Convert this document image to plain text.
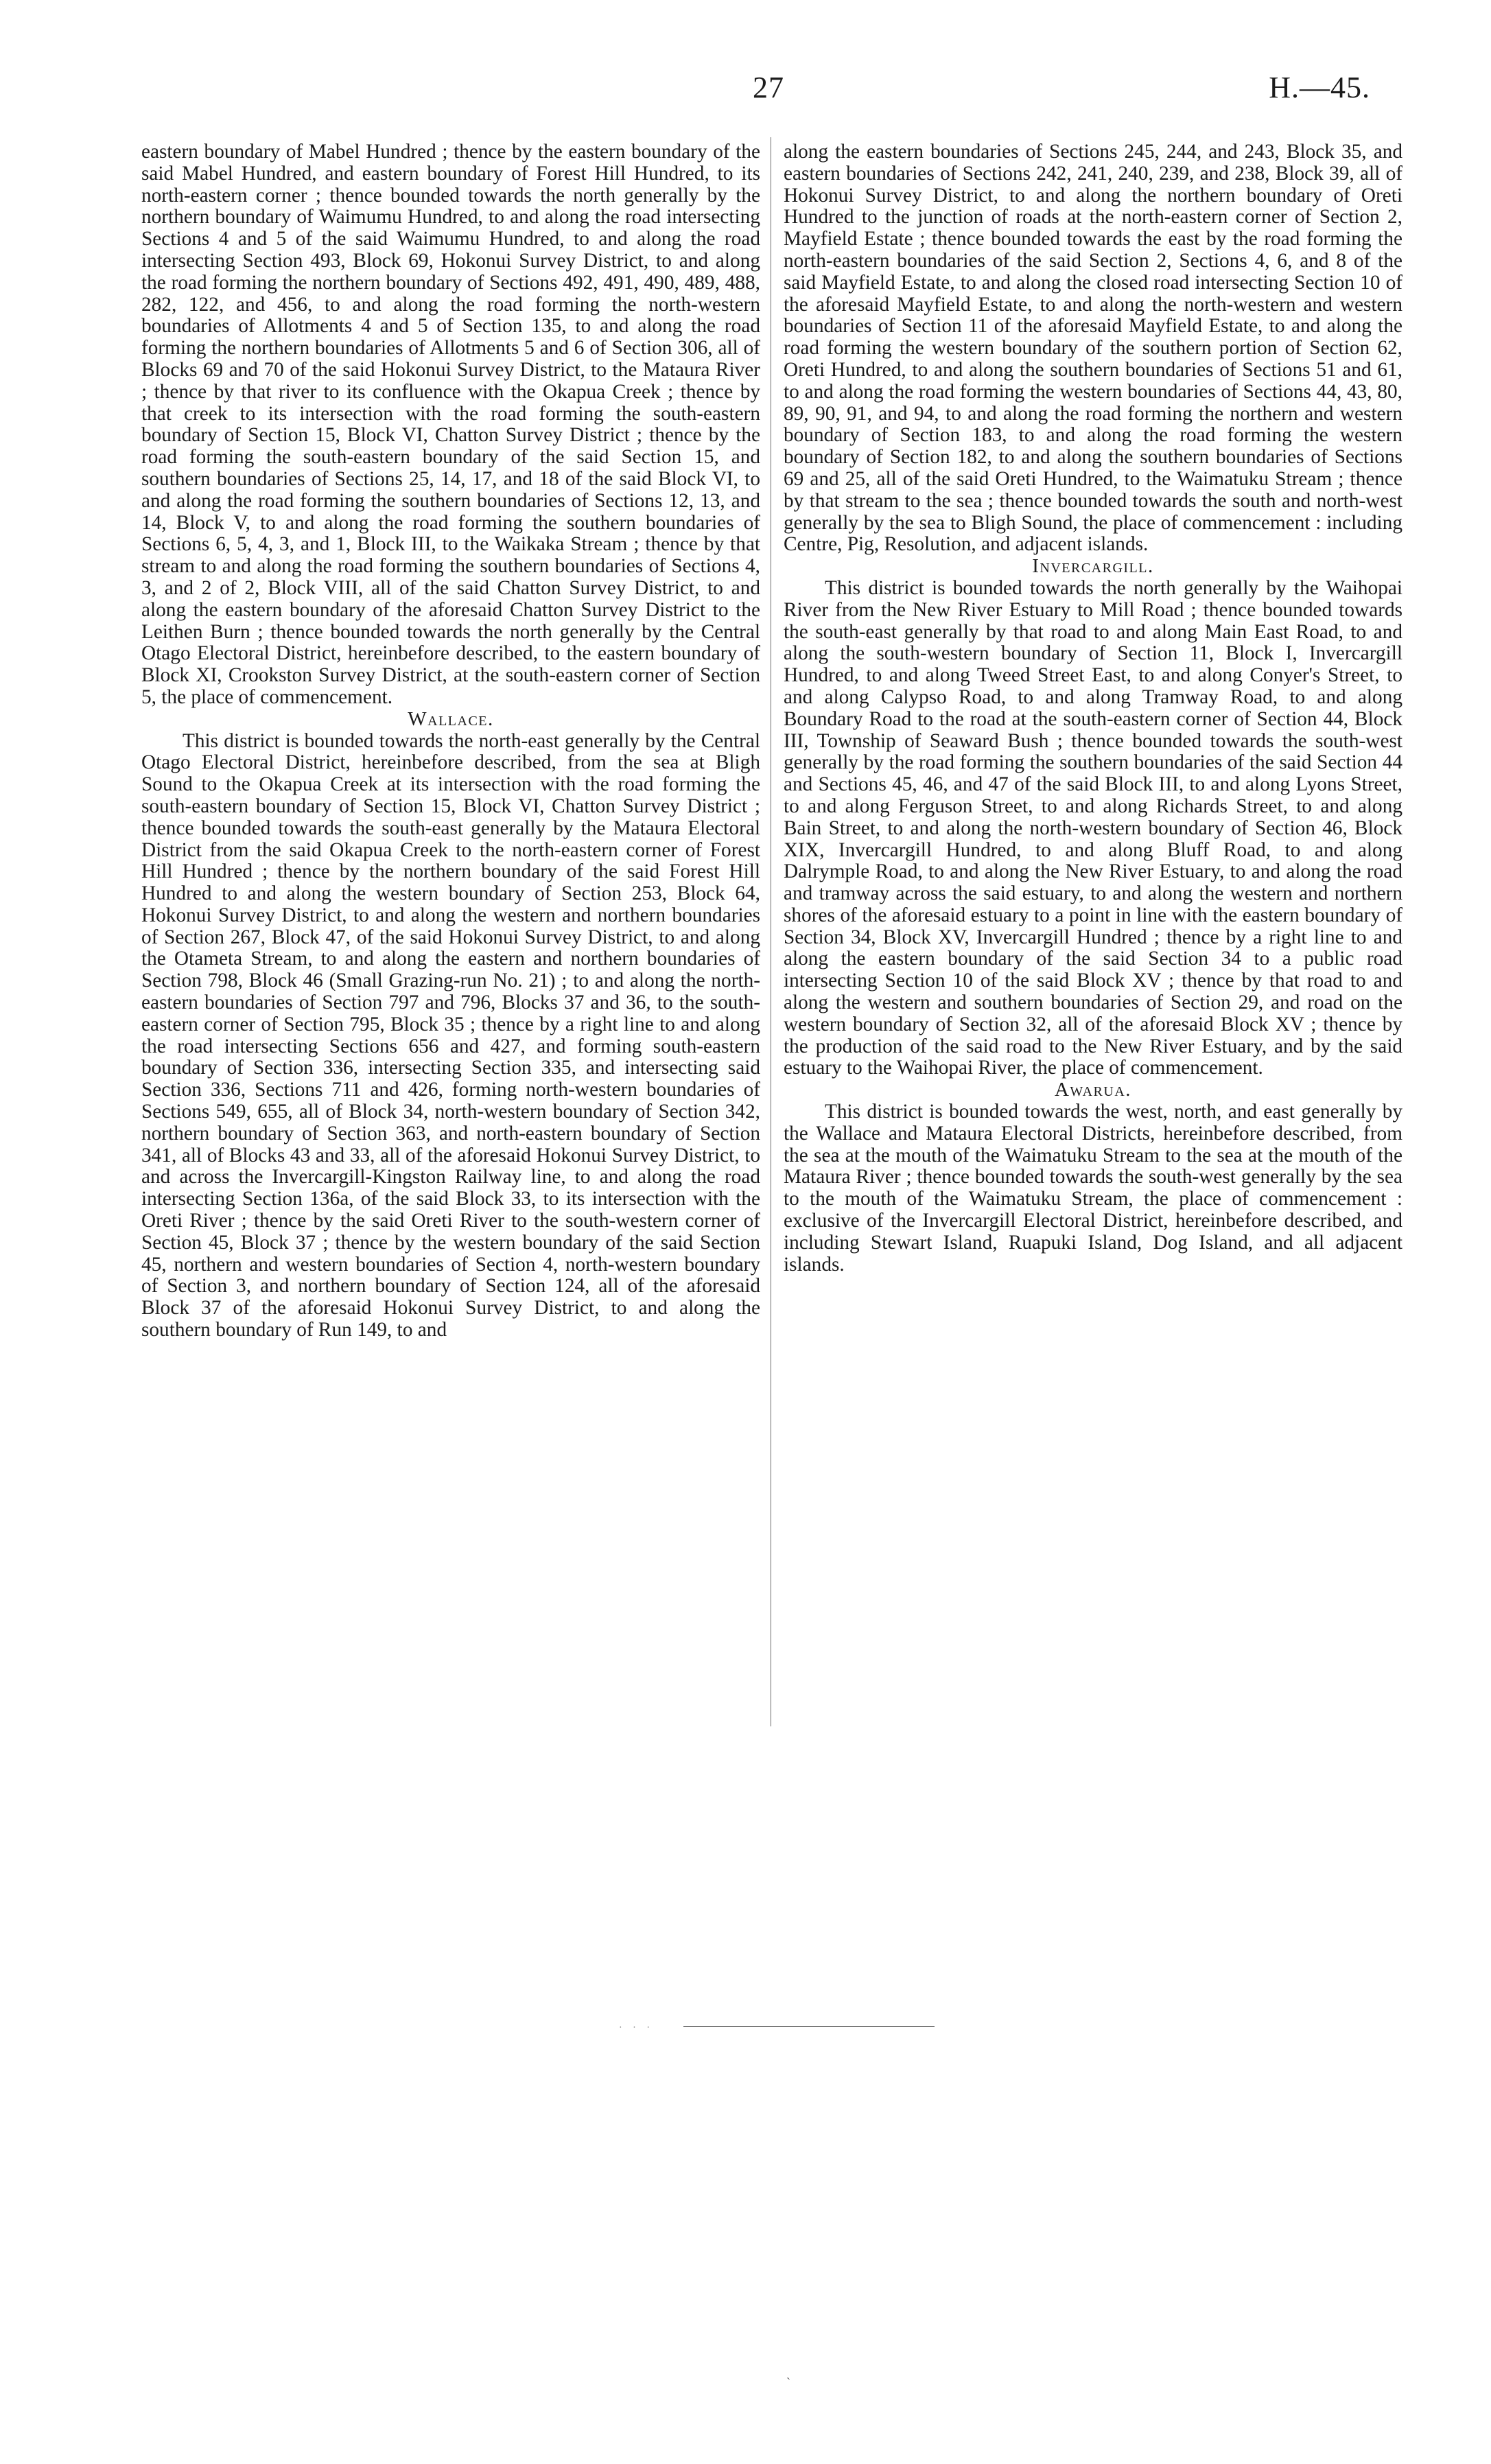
27	H.—45.

eastern boundary of Mabel Hundred ; thence by the eastern boundary of the said Mabel Hundred, and eastern boundary of Forest Hill Hundred, to its north-eastern corner ; thence bounded towards the north generally by the northern boundary of Waimumu Hundred, to and along the road intersecting Sections 4 and 5 of the said Waimumu Hundred, to and along the road intersecting Section 493, Block 69, Hokonui Survey District, to and along the road forming the northern boundary of Sections 492, 491, 490, 489, 488, 282, 122, and 456, to and along the road forming the north-western boundaries of Allotments 4 and 5 of Section 135, to and along the road forming the northern boundaries of Allotments 5 and 6 of Section 306, all of Blocks 69 and 70 of the said Hokonui Survey District, to the Mataura River ; thence by that river to its confluence with the Okapua Creek ; thence by that creek to its intersection with the road forming the south-eastern boundary of Section 15, Block VI, Chatton Survey District ; thence by the road forming the south-eastern boundary of the said Section 15, and southern boundaries of Sections 25, 14, 17, and 18 of the said Block VI, to and along the road forming the southern boundaries of Sections 12, 13, and 14, Block V, to and along the road forming the southern boundaries of Sections 6, 5, 4, 3, and 1, Block III, to the Waikaka Stream ; thence by that stream to and along the road forming the southern boundaries of Sections 4, 3, and 2 of 2, Block VIII, all of the said Chatton Survey District, to and along the eastern boundary of the aforesaid Chatton Survey District to the Leithen Burn ; thence bounded towards the north generally by the Central Otago Electoral District, hereinbefore described, to the eastern boundary of Block XI, Crookston Survey District, at the south-eastern corner of Section 5, the place of commencement.

Wallace.

This district is bounded towards the north-east generally by the Central Otago Electoral District, hereinbefore described, from the sea at Bligh Sound to the Okapua Creek at its intersection with the road forming the south-eastern boundary of Section 15, Block VI, Chatton Survey District ; thence bounded towards the south-east generally by the Mataura Electoral District from the said Okapua Creek to the north-eastern corner of Forest Hill Hundred ; thence by the northern boundary of the said Forest Hill Hundred to and along the western boundary of Section 253, Block 64, Hokonui Survey District, to and along the western and northern boundaries of Section 267, Block 47, of the said Hokonui Survey District, to and along the Otameta Stream, to and along the eastern and northern boundaries of Section 798, Block 46 (Small Grazing-run No. 21) ; to and along the north-eastern boundaries of Section 797 and 796, Blocks 37 and 36, to the south-eastern corner of Section 795, Block 35 ; thence by a right line to and along the road intersecting Sections 656 and 427, and forming south-eastern boundary of Section 336, intersecting Section 335, and intersecting said Section 336, Sections 711 and 426, forming north-western boundaries of Sections 549, 655, all of Block 34, north-western boundary of Section 342, northern boundary of Section 363, and north-eastern boundary of Section 341, all of Blocks 43 and 33, all of the aforesaid Hokonui Survey District, to and across the Invercargill-Kingston Railway line, to and along the road intersecting Section 136a, of the said Block 33, to its intersection with the Oreti River ; thence by the said Oreti River to the south-western corner of Section 45, Block 37 ; thence by the western boundary of the said Section 45, northern and western boundaries of Section 4, north-western boundary of Section 3, and northern boundary of Section 124, all of the aforesaid Block 37 of the aforesaid Hokonui Survey District, to and along the southern boundary of Run 149, to and

along the eastern boundaries of Sections 245, 244, and 243, Block 35, and eastern boundaries of Sections 242, 241, 240, 239, and 238, Block 39, all of Hokonui Survey District, to and along the northern boundary of Oreti Hundred to the junction of roads at the north-eastern corner of Section 2, Mayfield Estate ; thence bounded towards the east by the road forming the north-eastern boundaries of the said Section 2, Sections 4, 6, and 8 of the said Mayfield Estate, to and along the closed road intersecting Section 10 of the aforesaid Mayfield Estate, to and along the north-western and western boundaries of Section 11 of the aforesaid Mayfield Estate, to and along the road forming the western boundary of the southern portion of Section 62, Oreti Hundred, to and along the southern boundaries of Sections 51 and 61, to and along the road forming the western boundaries of Sections 44, 43, 80, 89, 90, 91, and 94, to and along the road forming the northern and western boundary of Section 183, to and along the road forming the western boundary of Section 182, to and along the southern boundaries of Sections 69 and 25, all of the said Oreti Hundred, to the Waimatuku Stream ; thence by that stream to the sea ; thence bounded towards the south and north-west generally by the sea to Bligh Sound, the place of commencement : including Centre, Pig, Resolution, and adjacent islands.

Invercargill.

This district is bounded towards the north generally by the Waihopai River from the New River Estuary to Mill Road ; thence bounded towards the south-east generally by that road to and along Main East Road, to and along the south-western boundary of Section 11, Block I, Invercargill Hundred, to and along Tweed Street East, to and along Conyer's Street, to and along Calypso Road, to and along Tramway Road, to and along Boundary Road to the road at the south-eastern corner of Section 44, Block III, Township of Seaward Bush ; thence bounded towards the south-west generally by the road forming the southern boundaries of the said Section 44 and Sections 45, 46, and 47 of the said Block III, to and along Lyons Street, to and along Ferguson Street, to and along Richards Street, to and along Bain Street, to and along the north-western boundary of Section 46, Block XIX, Invercargill Hundred, to and along Bluff Road, to and along Dalrymple Road, to and along the New River Estuary, to and along the road and tramway across the said estuary, to and along the western and northern shores of the aforesaid estuary to a point in line with the eastern boundary of Section 34, Block XV, Invercargill Hundred ; thence by a right line to and along the eastern boundary of the said Section 34 to a public road intersecting Section 10 of the said Block XV ; thence by that road to and along the western and southern boundaries of Section 29, and road on the western boundary of Section 32, all of the aforesaid Block XV ; thence by the production of the said road to the New River Estuary, and by the said estuary to the Waihopai River, the place of commencement.

Awarua.

This district is bounded towards the west, north, and east generally by the Wallace and Mataura Electoral Districts, hereinbefore described, from the sea at the mouth of the Waimatuku Stream to the sea at the mouth of the Mataura River ; thence bounded towards the south-west generally by the sea to the mouth of the Waimatuku Stream, the place of commencement : exclusive of the Invercargill Electoral District, hereinbefore described, and including Stewart Island, Ruapuki Island, Dog Island, and all adjacent islands.

· · ·
ˏ
